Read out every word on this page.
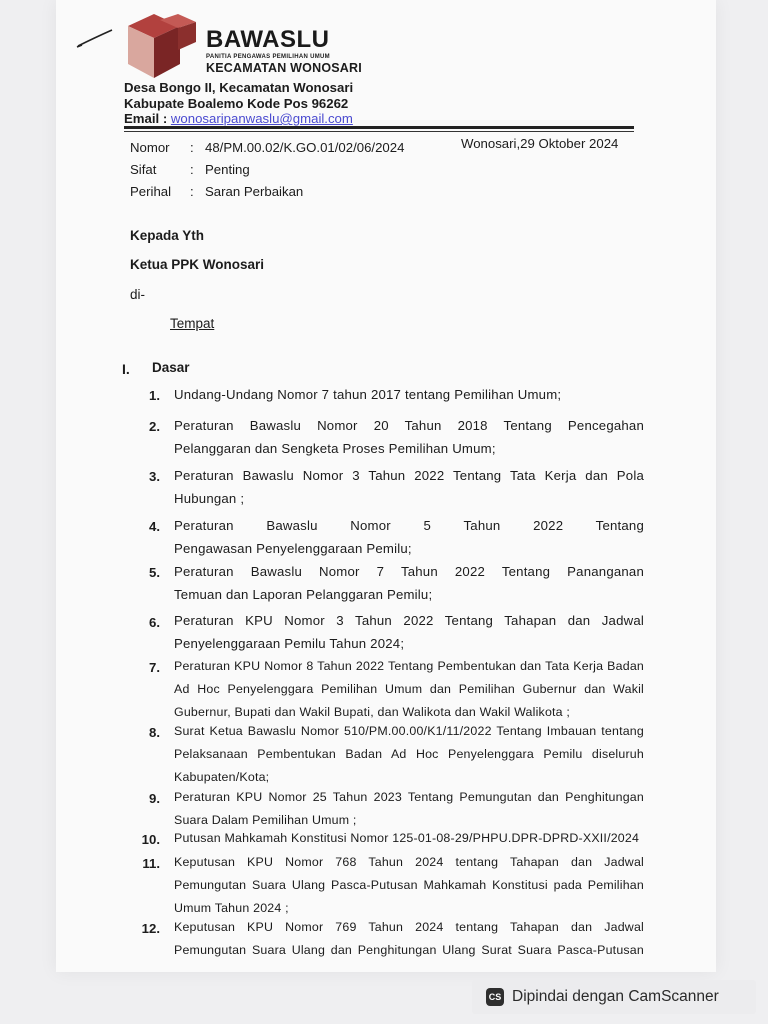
BAWASLU
PANITIA PENGAWAS PEMILIHAN UMUM
KECAMATAN WONOSARI
Desa Bongo II, Kecamatan Wonosari
Kabupate Boalemo Kode Pos 96262
Email : wonosaripanwaslu@gmail.com
Nomor : 48/PM.00.02/K.GO.01/02/06/2024	Wonosari,29 Oktober 2024
Sifat	: Penting
Perihal : Saran Perbaikan
Kepada Yth
Ketua PPK Wonosari
di-
Tempat
I. Dasar
1. Undang-Undang Nomor 7 tahun 2017 tentang Pemilihan Umum;
2. Peraturan Bawaslu Nomor 20 Tahun 2018 Tentang Pencegahan
Pelanggaran dan Sengketa Proses Pemilihan Umum;
3. Peraturan Bawaslu Nomor 3 Tahun 2022 Tentang Tata Kerja dan Pola
Hubungan ;
4. Peraturan Bawaslu Nomor 5 Tahun 2022 Tentang
Pengawasan Penyelenggaraan Pemilu;
5. Peraturan Bawaslu Nomor 7 Tahun 2022 Tentang Pananganan
Temuan dan Laporan Pelanggaran Pemilu;
6. Peraturan KPU Nomor 3 Tahun 2022 Tentang Tahapan dan Jadwal
Penyelenggaraan Pemilu Tahun 2024;
7. Peraturan KPU Nomor 8 Tahun 2022 Tentang Pembentukan dan Tata Kerja Badan
Ad Hoc Penyelenggara Pemilihan Umum dan Pemilihan Gubernur dan Wakil
Gubernur, Bupati dan Wakil Bupati, dan Walikota dan Wakil Walikota ;
8. Surat Ketua Bawaslu Nomor 510/PM.00.00/K1/11/2022 Tentang Imbauan tentang
Pelaksanaan Pembentukan Badan Ad Hoc Penyelenggara Pemilu diseluruh
Kabupaten/Kota;
9. Peraturan KPU Nomor 25 Tahun 2023 Tentang Pemungutan dan Penghitungan
Suara Dalam Pemilihan Umum ;
10. Putusan Mahkamah Konstitusi Nomor 125-01-08-29/PHPU.DPR-DPRD-XXII/2024
11. Keputusan KPU Nomor 768 Tahun 2024 tentang Tahapan dan Jadwal
Pemungutan Suara Ulang Pasca-Putusan Mahkamah Konstitusi pada Pemilihan
Umum Tahun 2024 ;
12. Keputusan KPU Nomor 769 Tahun 2024 tentang Tahapan dan Jadwal
Pemungutan Suara Ulang dan Penghitungan Ulang Surat Suara Pasca-Putusan
CS Dipindai dengan CamScanner
